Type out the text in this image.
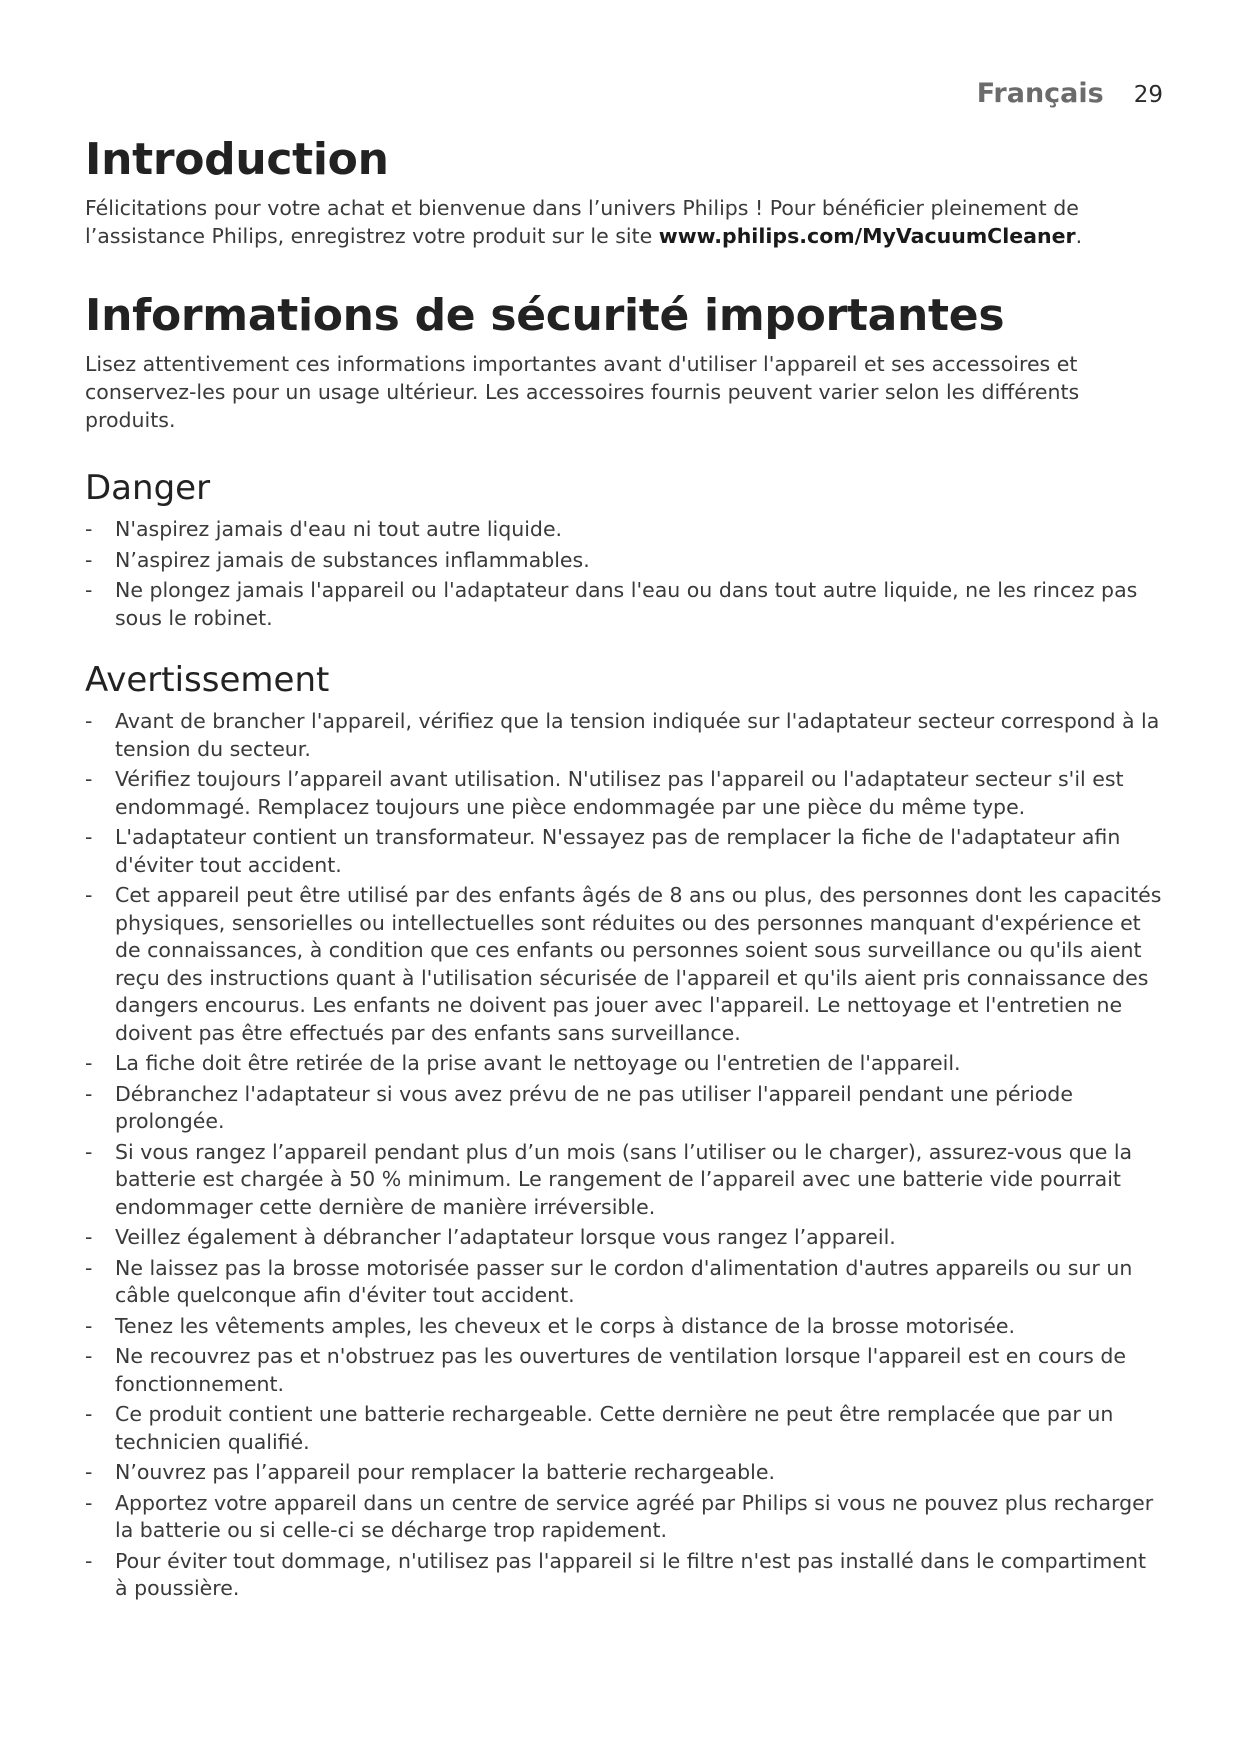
Français 29
Introduction

Félicitations pour votre achat et bienvenue dans l’univers Philips ! Pour bénéficier pleinement de l’assistance Philips, enregistrez votre produit sur le site www.philips.com/MyVacuumCleaner.

Informations de sécurité importantes

Lisez attentivement ces informations importantes avant d'utiliser l'appareil et ses accessoires et conservez-les pour un usage ultérieur. Les accessoires fournis peuvent varier selon les différents produits.

Danger
- N'aspirez jamais d'eau ni tout autre liquide.
- N’aspirez jamais de substances inflammables.
- Ne plongez jamais l'appareil ou l'adaptateur dans l'eau ou dans tout autre liquide, ne les rincez pas sous le robinet.
Avertissement
- Avant de brancher l'appareil, vérifiez que la tension indiquée sur l'adaptateur secteur correspond à la tension du secteur.
- Vérifiez toujours l’appareil avant utilisation. N'utilisez pas l'appareil ou l'adaptateur secteur s'il est endommagé. Remplacez toujours une pièce endommagée par une pièce du même type.
- L'adaptateur contient un transformateur. N'essayez pas de remplacer la fiche de l'adaptateur afin d'éviter tout accident.
- Cet appareil peut être utilisé par des enfants âgés de 8 ans ou plus, des personnes dont les capacités physiques, sensorielles ou intellectuelles sont réduites ou des personnes manquant d'expérience et de connaissances, à condition que ces enfants ou personnes soient sous surveillance ou qu'ils aient reçu des instructions quant à l'utilisation sécurisée de l'appareil et qu'ils aient pris connaissance des dangers encourus. Les enfants ne doivent pas jouer avec l'appareil. Le nettoyage et l'entretien ne doivent pas être effectués par des enfants sans surveillance.
- La fiche doit être retirée de la prise avant le nettoyage ou l'entretien de l'appareil.
- Débranchez l'adaptateur si vous avez prévu de ne pas utiliser l'appareil pendant une période prolongée.
- Si vous rangez l’appareil pendant plus d’un mois (sans l’utiliser ou le charger), assurez-vous que la batterie est chargée à 50 % minimum. Le rangement de l’appareil avec une batterie vide pourrait endommager cette dernière de manière irréversible.
- Veillez également à débrancher l’adaptateur lorsque vous rangez l’appareil.
- Ne laissez pas la brosse motorisée passer sur le cordon d'alimentation d'autres appareils ou sur un câble quelconque afin d'éviter tout accident.
- Tenez les vêtements amples, les cheveux et le corps à distance de la brosse motorisée.
- Ne recouvrez pas et n'obstruez pas les ouvertures de ventilation lorsque l'appareil est en cours de fonctionnement.
- Ce produit contient une batterie rechargeable. Cette dernière ne peut être remplacée que par un technicien qualifié.
- N’ouvrez pas l’appareil pour remplacer la batterie rechargeable.
- Apportez votre appareil dans un centre de service agréé par Philips si vous ne pouvez plus recharger la batterie ou si celle-ci se décharge trop rapidement.
- Pour éviter tout dommage, n'utilisez pas l'appareil si le filtre n'est pas installé dans le compartiment à poussière.
